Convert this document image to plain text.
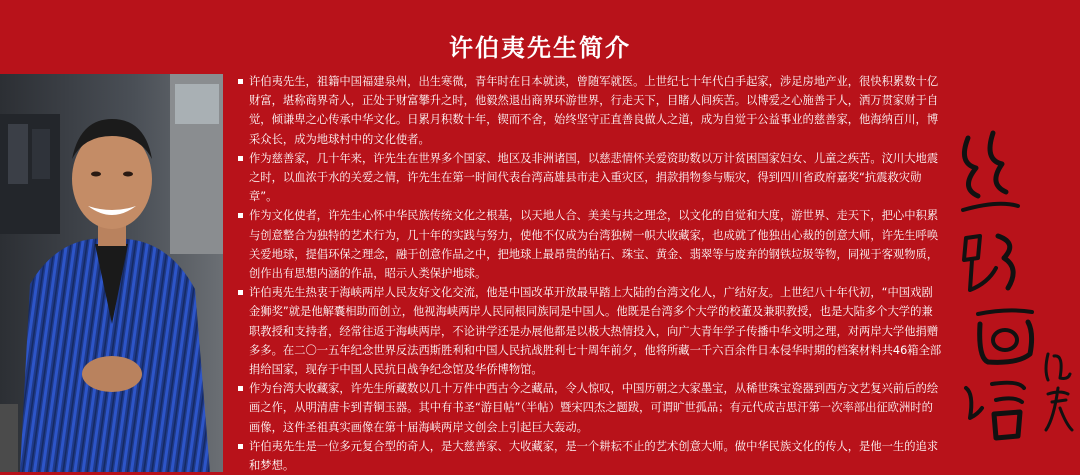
许伯夷先生简介
许伯夷先生，祖籍中国福建泉州，出生寒微，青年时在日本就读，曾随军就医。上世纪七十年代白手起家，涉足房地产业，很快积累数十亿财富，堪称商界奇人，正处于财富攀升之时，他毅然退出商界环游世界，行走天下，目睹人间疾苦。以博爱之心施善于人，洒万贯家财于自觉，倾谦卑之心传承中华文化。日累月积数十年，锲而不舍，始终坚守正直善良做人之道，成为自觉于公益事业的慈善家，他海纳百川，博采众长，成为地球村中的文化使者。
作为慈善家，几十年来，许先生在世界多个国家、地区及非洲诸国，以慈悲情怀关爱资助数以万计贫困国家妇女、儿童之疾苦。汶川大地震之时，以血浓于水的关爱之情，许先生在第一时间代表台湾高雄县市走入重灾区，捐款捐物参与赈灾，得到四川省政府嘉奖“抗震救灾勋章”。
作为文化使者，许先生心怀中华民族传统文化之根基，以天地人合、美美与共之理念，以文化的自觉和大度，游世界、走天下，把心中积累与创意整合为独特的艺术行为，几十年的实践与努力，使他不仅成为台湾独树一帜大收藏家，也成就了他独出心裁的创意大师，许先生呼唤关爱地球，提倡环保之理念，融于创意作品之中，把地球上最昂贵的钻石、珠宝、黄金、翡翠等与废弃的钢铁垃圾等物，同视于客观物质，创作出有思想内涵的作品，昭示人类保护地球。
许伯夷先生热衷于海峡两岸人民友好文化交流，他是中国改革开放最早踏上大陆的台湾文化人，广结好友。上世纪八十年代初，“中国戏剧金狮奖”就是他解囊相助而创立，他视海峡两岸人民同根同族同是中国人。他既是台湾多个大学的校董及兼职教授，也是大陆多个大学的兼职教授和支持者，经常往返于海峡两岸，不论讲学还是办展他都是以极大热情投入，向广大青年学子传播中华文明之理，对两岸大学他捐赠多多。在二〇一五年纪念世界反法西斯胜利和中国人民抗战胜利七十周年前夕，他将所藏一千六百余件日本侵华时期的档案材料共46箱全部捐给国家，现存于中国人民抗日战争纪念馆及华侨博物馆。
作为台湾大收藏家，许先生所藏数以几十万件中西古今之藏品，令人惊叹，中国历朝之大家墨宝，从稀世珠宝瓷器到西方文艺复兴前后的绘画之作，从明清唐卡到青铜玉器。其中有书圣“游目帖”（半帖）暨宋四杰之题跋，可谓旷世孤品；有元代成吉思汗第一次率部出征欧洲时的画像，这件圣祖真实画像在第十届海峡两岸文创会上引起巨大轰动。
许伯夷先生是一位多元复合型的奇人，是大慈善家、大收藏家，是一个耕耘不止的艺术创意大师。做中华民族文化的传人，是他一生的追求和梦想。
